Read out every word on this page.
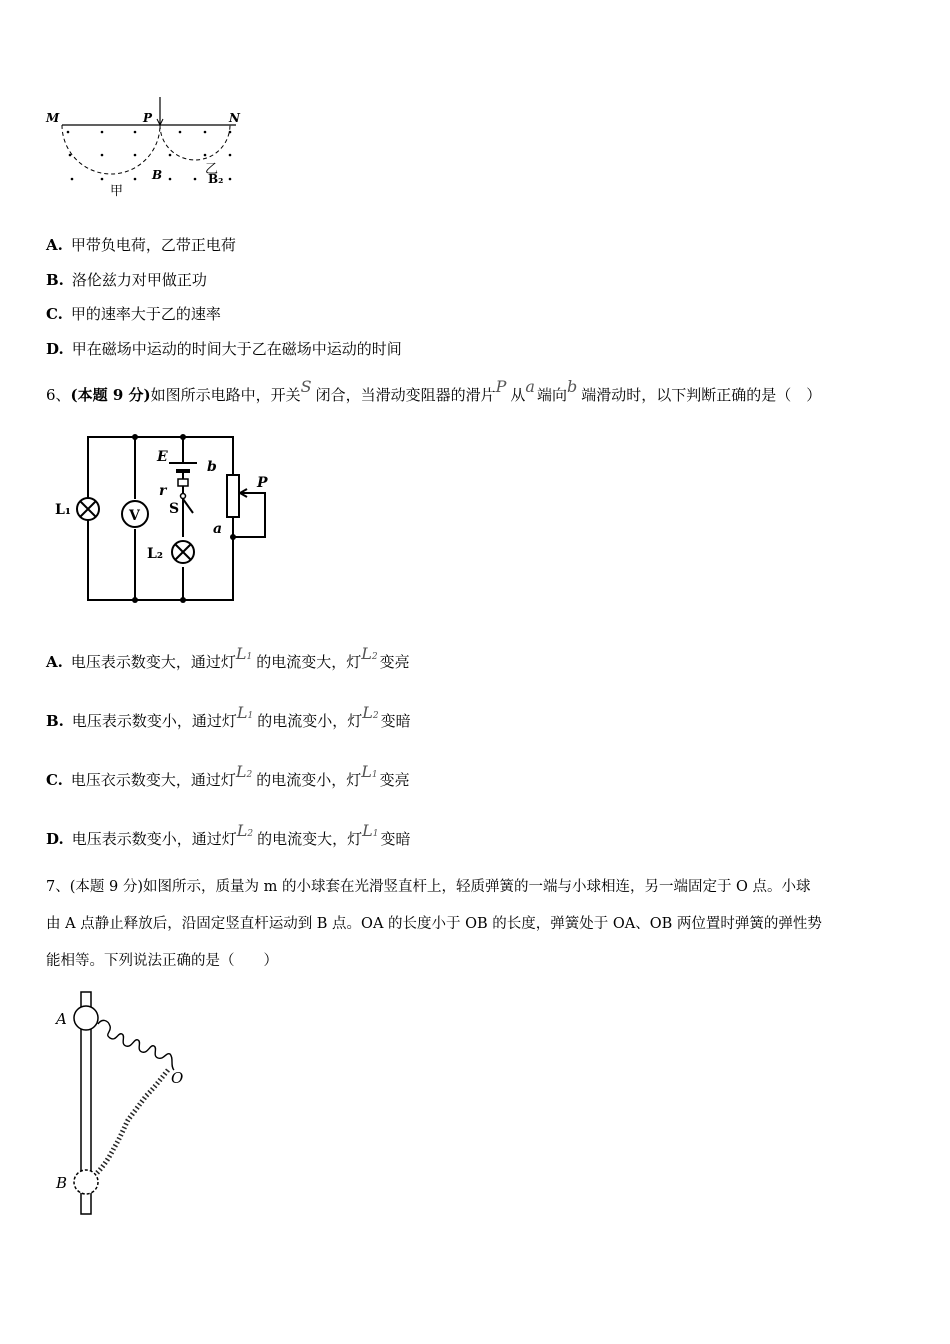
M	P	N
B	乙
B₂
甲
A. 甲带负电荷，乙带正电荷
B. 洛伦兹力对甲做正功
C. 甲的速率大于乙的速率
D. 甲在磁场中运动的时间大于乙在磁场中运动的时间
6、(本题 9 分)如图所示电路中，开关S 闭合，当滑动变阻器的滑片P 从a 端向b 端滑动时，以下判断正确的是（　）
L₁	V
E
r
S
b
L₂
P
a
A. 电压表示数变大，通过灯L1 的电流变大，灯L2 变亮
B. 电压表示数变小，通过灯L1 的电流变小，灯L2 变暗
C. 电压衣示数变大，通过灯L2 的电流变小，灯L1 变亮
D. 电压表示数变小，通过灯L2 的电流变大，灯L1 变暗
7、(本题 9 分)如图所示，质量为 m 的小球套在光滑竖直杆上，轻质弹簧的一端与小球相连，另一端固定于 O 点。小球
由 A 点静止释放后，沿固定竖直杆运动到 B 点。OA 的长度小于 OB 的长度，弹簧处于 OA、OB 两位置时弹簧的弹性势
能相等。下列说法正确的是（　　）
A
O
B
